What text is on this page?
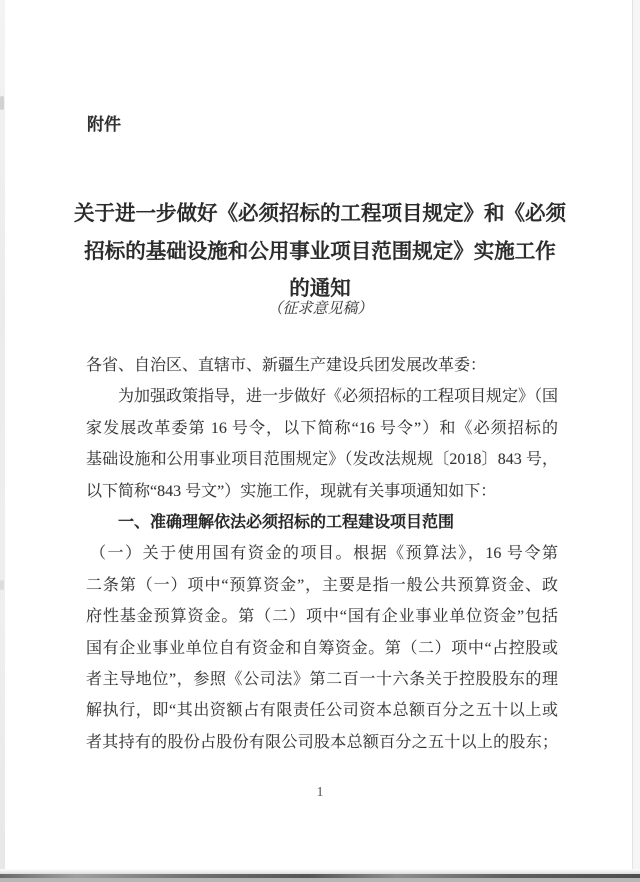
附件
关于进一步做好《必须招标的工程项目规定》和《必须
招标的基础设施和公用事业项目范围规定》实施工作
的通知
（征求意见稿）
各省、自治区、直辖市、新疆生产建设兵团发展改革委：
为加强政策指导，进一步做好《必须招标的工程项目规定》（国
家发展改革委第 16 号令，以下简称“16 号令”）和《必须招标的
基础设施和公用事业项目范围规定》（发改法规规〔2018〕843 号，
以下简称“843 号文”）实施工作，现就有关事项通知如下：
一、准确理解依法必须招标的工程建设项目范围
（一）关于使用国有资金的项目。根据《预算法》，16 号令第
二条第（一）项中“预算资金”，主要是指一般公共预算资金、政
府性基金预算资金。第（二）项中“国有企业事业单位资金”包括
国有企业事业单位自有资金和自筹资金。第（二）项中“占控股或
者主导地位”，参照《公司法》第二百一十六条关于控股股东的理
解执行，即“其出资额占有限责任公司资本总额百分之五十以上或
者其持有的股份占股份有限公司股本总额百分之五十以上的股东；
1
